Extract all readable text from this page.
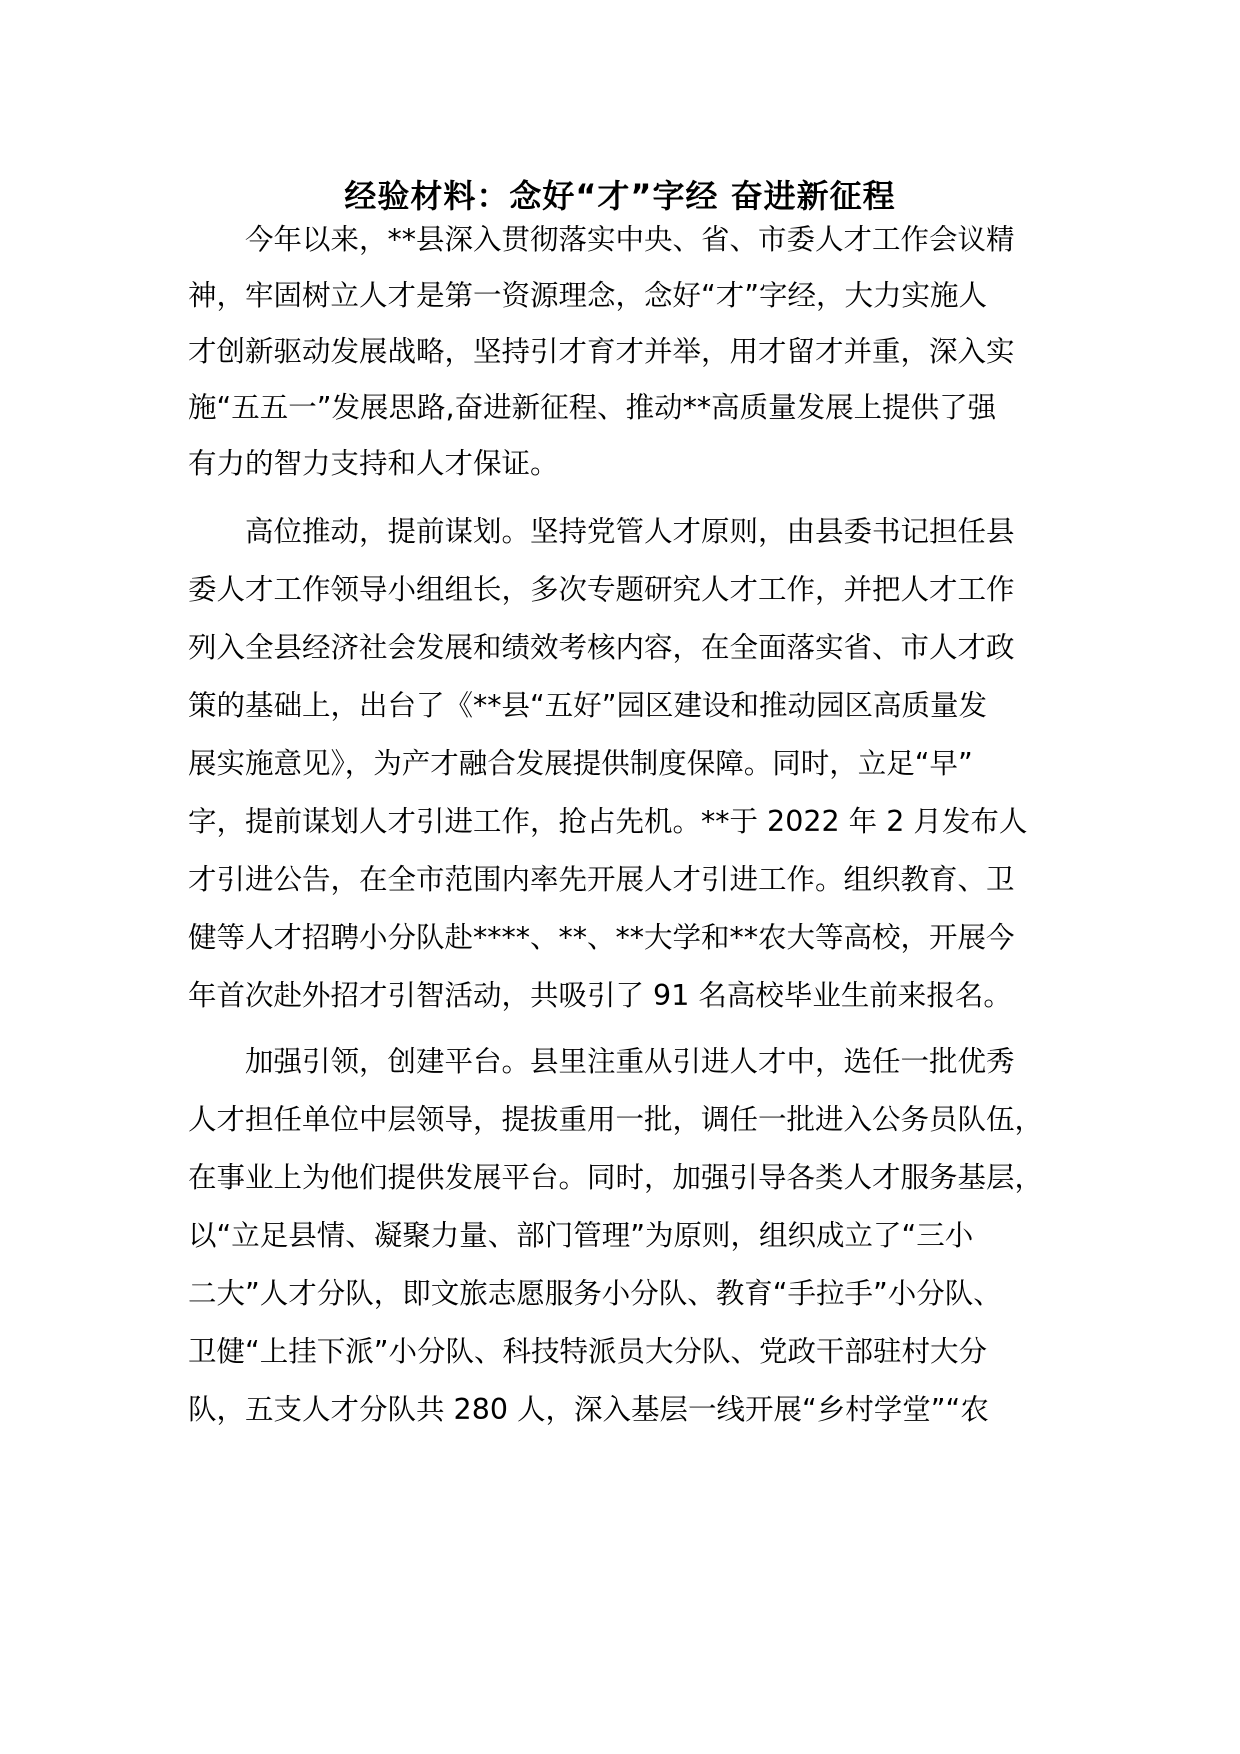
经验材料：念好“才”字经 奋进新征程
　　今年以来，**县深入贯彻落实中央、省、市委人才工作会议精
神，牢固树立人才是第一资源理念，念好“才”字经，大力实施人
才创新驱动发展战略，坚持引才育才并举，用才留才并重，深入实
施“五五一”发展思路,奋进新征程、推动**高质量发展上提供了强
有力的智力支持和人才保证。
　　高位推动，提前谋划。坚持党管人才原则，由县委书记担任县
委人才工作领导小组组长，多次专题研究人才工作，并把人才工作
列入全县经济社会发展和绩效考核内容，在全面落实省、市人才政
策的基础上，出台了《**县“五好”园区建设和推动园区高质量发
展实施意见》，为产才融合发展提供制度保障。同时，立足“早”
字，提前谋划人才引进工作，抢占先机。**于 2022 年 2 月发布人
才引进公告，在全市范围内率先开展人才引进工作。组织教育、卫
健等人才招聘小分队赴****、**、**大学和**农大等高校，开展今
年首次赴外招才引智活动，共吸引了 91 名高校毕业生前来报名。
　　加强引领，创建平台。县里注重从引进人才中，选任一批优秀
人才担任单位中层领导，提拔重用一批，调任一批进入公务员队伍，
在事业上为他们提供发展平台。同时，加强引导各类人才服务基层，
以“立足县情、凝聚力量、部门管理”为原则，组织成立了“三小
二大”人才分队，即文旅志愿服务小分队、教育“手拉手”小分队、
卫健“上挂下派”小分队、科技特派员大分队、党政干部驻村大分
队，五支人才分队共 280 人，深入基层一线开展“乡村学堂”“农
